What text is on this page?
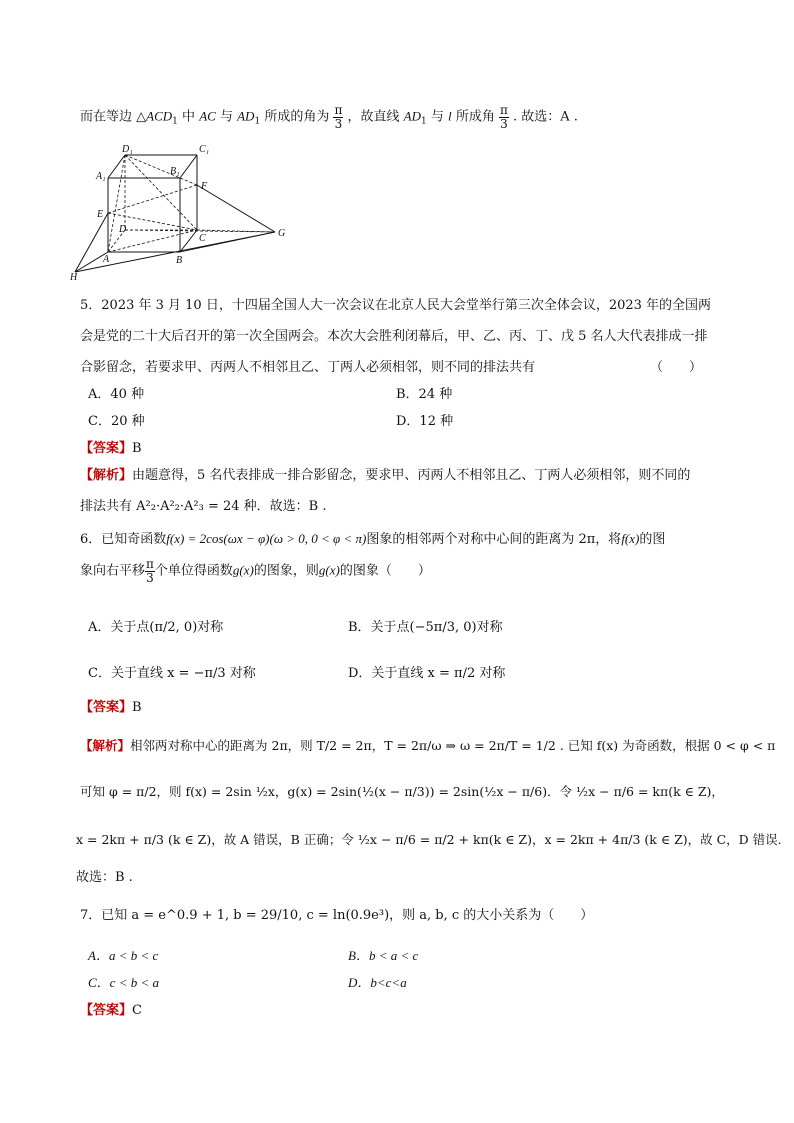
而在等边 $\triangle ACD_1$ 中 AC 与 $AD_1$ 所成的角为 $\frac{\pi}{3}$ ，故直线 $AD_1$ 与 l 所成角 $\frac{\pi}{3}$ . 故选：A .
D₁	C₁
A₁	B₁
F
E
D
C	G
A	B
H
5．2023 年 3 月 10 日，十四届全国人大一次会议在北京人民大会堂举行第三次全体会议，2023 年的全国两
会是党的二十大后召开的第一次全国两会。本次大会胜利闭幕后，甲、乙、丙、丁、戊 5 名人大代表排成一排
合影留念，若要求甲、丙两人不相邻且乙、丁两人必须相邻，则不同的排法共有	（　　）
A．40 种	B．24 种
C．20 种	D．12 种
【答案】B
【解析】由题意得，5 名代表排成一排合影留念，要求甲、丙两人不相邻且乙、丁两人必须相邻，则不同的
排法共有 A²₂·A²₂·A²₃ = 24 种．故选：B .
6．已知奇函数f(x) = 2cos(ωx − φ)(ω > 0, 0 < φ < π)图象的相邻两个对称中心间的距离为 2π，将f(x)的图
象向右平移 $\frac{\pi}{3}$ 个单位得函数g(x)的图象，则g(x)的图象（　　）
A．关于点(π/2, 0)对称	B．关于点(−5π/3, 0)对称
C．关于直线 x = −π/3 对称	D．关于直线 x = π/2 对称
【答案】B
【解析】相邻两对称中心的距离为 2π，则 T/2 = 2π，T = 2π/ω ⇒ ω = 2π/T = 1/2 . 已知 f(x) 为奇函数，根据 0 < φ < π
可知 φ = π/2，则 f(x) = 2sin ½x，g(x) = 2sin(½(x − π/3)) = 2sin(½x − π/6)．令 ½x − π/6 = kπ(k ∈ Z)，
x = 2kπ + π/3 (k ∈ Z)，故 A 错误，B 正确；令 ½x − π/6 = π/2 + kπ(k ∈ Z)，x = 2kπ + 4π/3 (k ∈ Z)，故 C，D 错误.
故选：B .
7．已知 a = e^0.9 + 1, b = 29/10, c = ln(0.9e³)，则 a, b, c 的大小关系为（　　）
A．a < b < c	B．b < a < c
C．c < b < a	D．b<c<a
【答案】C
